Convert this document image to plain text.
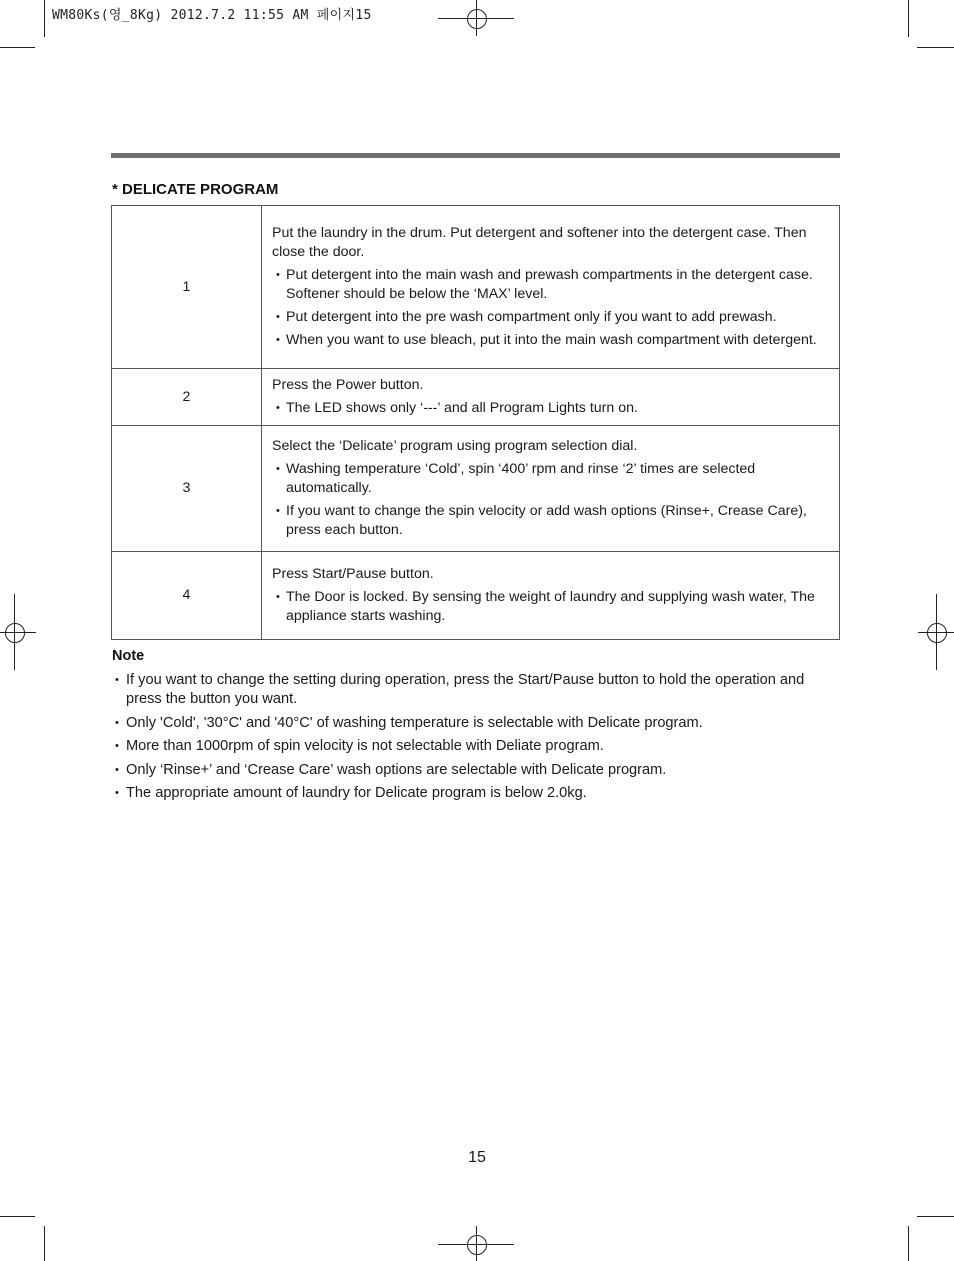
WM80Ks(영_8Kg) 2012.7.2 11:55 AM 페이지15
* DELICATE PROGRAM
1	Put the laundry in the drum. Put detergent and softener into the detergent case. Then close the door.

• Put detergent into the main wash and prewash compartments in the detergent case. Softener should be below the ‘MAX’ level.
• Put detergent into the pre wash compartment only if you want to add prewash.
• When you want to use bleach, put it into the main wash compartment with detergent.

2	Press the Power button.

• The LED shows only ‘---’ and all Program Lights turn on.

3	Select the ‘Delicate’ program using program selection dial.

• Washing temperature ‘Cold’, spin ‘400’ rpm and rinse ‘2’ times are selected automatically.
• If you want to change the spin velocity or add wash options (Rinse+, Crease Care), press each button.

4	Press Start/Pause button.

• The Door is locked. By sensing the weight of laundry and supplying wash water, The appliance starts washing.
Note
• If you want to change the setting during operation, press the Start/Pause button to hold the operation and press the button you want.
• Only 'Cold', '30°C' and '40°C' of washing temperature is selectable with Delicate program.
• More than 1000rpm of spin velocity is not selectable with Deliate program.
• Only ‘Rinse+’ and ‘Crease Care’ wash options are selectable with Delicate program.
• The appropriate amount of laundry for Delicate program is below 2.0kg.
15
